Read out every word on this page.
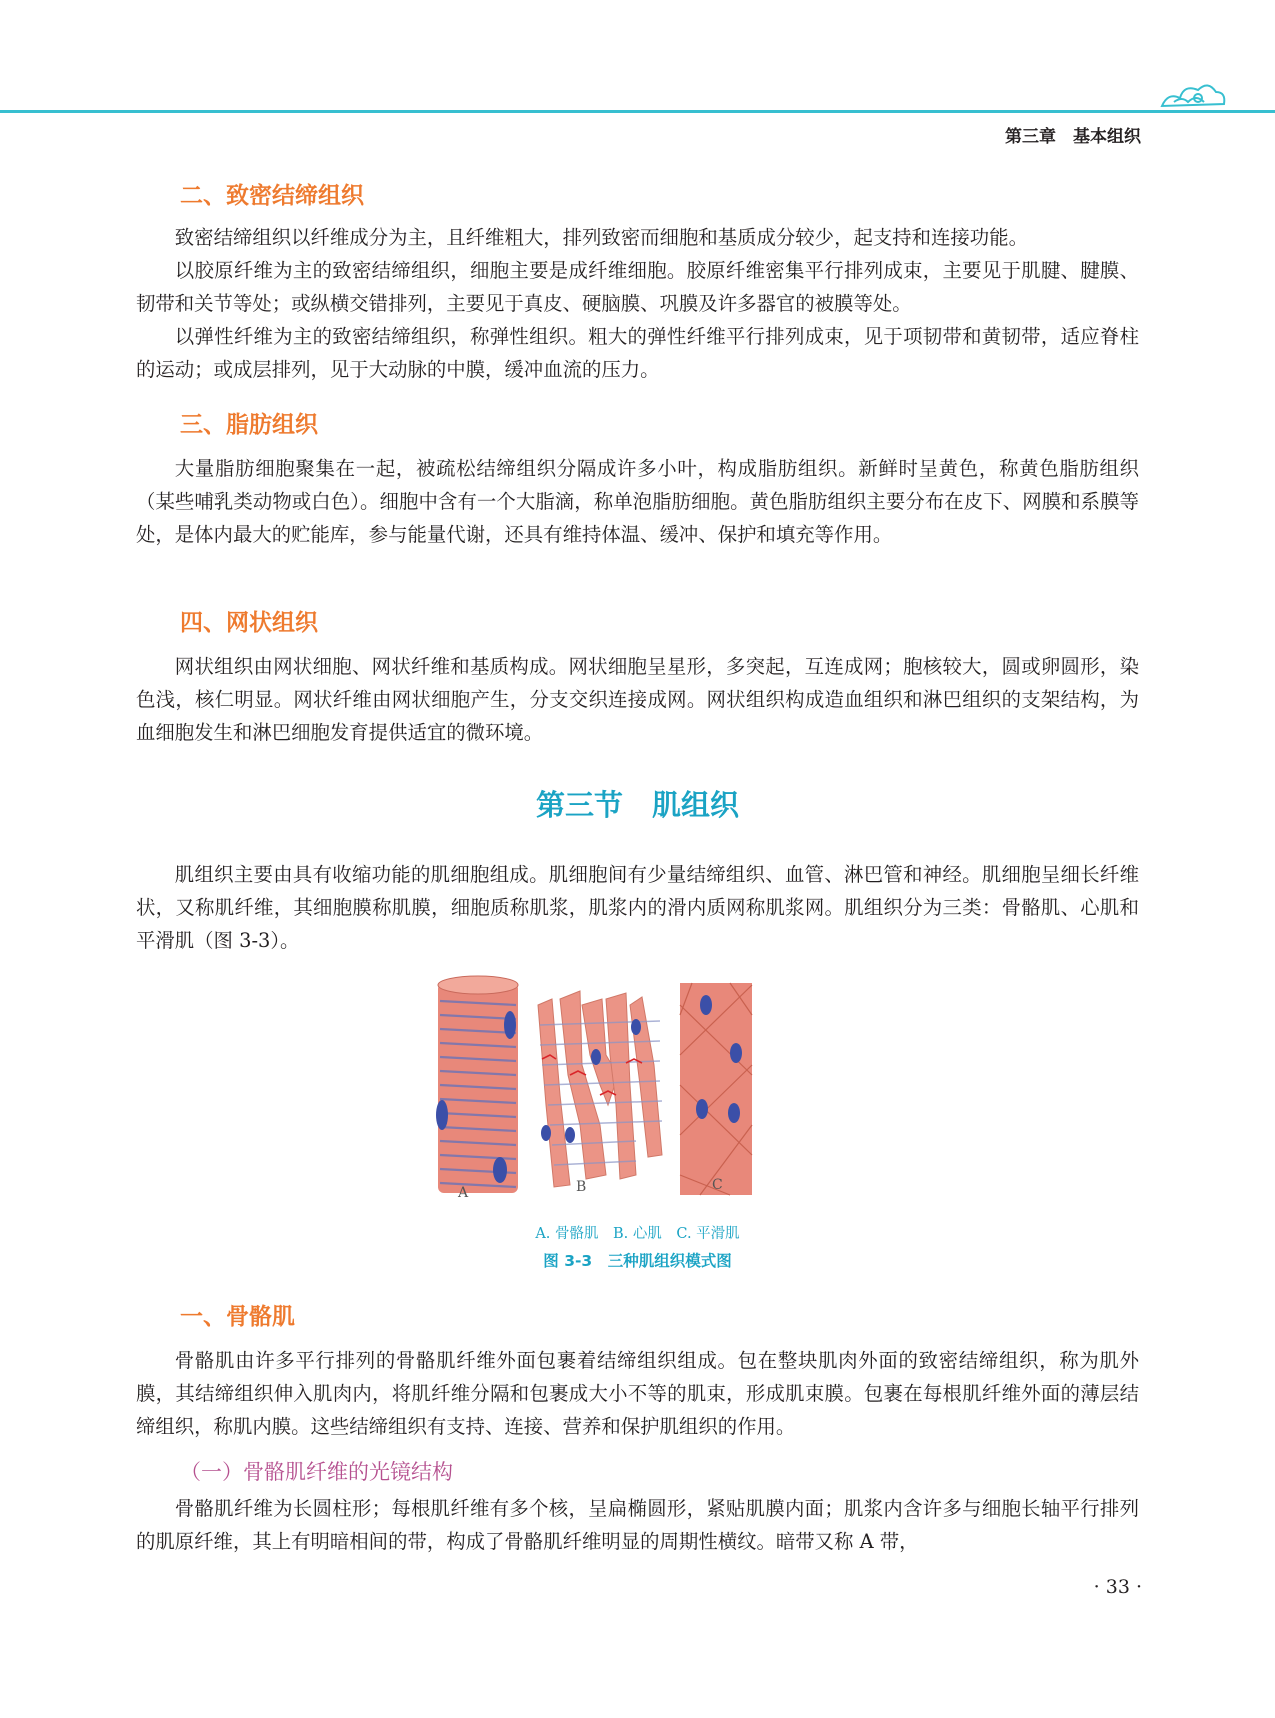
第三章　基本组织
二、致密结缔组织

致密结缔组织以纤维成分为主，且纤维粗大，排列致密而细胞和基质成分较少，起支持和连接功能。

以胶原纤维为主的致密结缔组织，细胞主要是成纤维细胞。胶原纤维密集平行排列成束，主要见于肌腱、腱膜、韧带和关节等处；或纵横交错排列，主要见于真皮、硬脑膜、巩膜及许多器官的被膜等处。

以弹性纤维为主的致密结缔组织，称弹性组织。粗大的弹性纤维平行排列成束，见于项韧带和黄韧带，适应脊柱的运动；或成层排列，见于大动脉的中膜，缓冲血流的压力。

三、脂肪组织

大量脂肪细胞聚集在一起，被疏松结缔组织分隔成许多小叶，构成脂肪组织。新鲜时呈黄色，称黄色脂肪组织（某些哺乳类动物或白色）。细胞中含有一个大脂滴，称单泡脂肪细胞。黄色脂肪组织主要分布在皮下、网膜和系膜等处，是体内最大的贮能库，参与能量代谢，还具有维持体温、缓冲、保护和填充等作用。

四、网状组织

网状组织由网状细胞、网状纤维和基质构成。网状细胞呈星形，多突起，互连成网；胞核较大，圆或卵圆形，染色浅，核仁明显。网状纤维由网状细胞产生，分支交织连接成网。网状组织构成造血组织和淋巴组织的支架结构，为血细胞发生和淋巴细胞发育提供适宜的微环境。

第三节　肌组织

肌组织主要由具有收缩功能的肌细胞组成。肌细胞间有少量结缔组织、血管、淋巴管和神经。肌细胞呈细长纤维状，又称肌纤维，其细胞膜称肌膜，细胞质称肌浆，肌浆内的滑内质网称肌浆网。肌组织分为三类：骨骼肌、心肌和平滑肌（图 3-3）。

A	B	C
A. 骨骼肌　B. 心肌　C. 平滑肌
图 3-3　三种肌组织模式图
一、骨骼肌

骨骼肌由许多平行排列的骨骼肌纤维外面包裹着结缔组织组成。包在整块肌肉外面的致密结缔组织，称为肌外膜，其结缔组织伸入肌肉内，将肌纤维分隔和包裹成大小不等的肌束，形成肌束膜。包裹在每根肌纤维外面的薄层结缔组织，称肌内膜。这些结缔组织有支持、连接、营养和保护肌组织的作用。

（一）骨骼肌纤维的光镜结构

骨骼肌纤维为长圆柱形；每根肌纤维有多个核，呈扁椭圆形，紧贴肌膜内面；肌浆内含许多与细胞长轴平行排列的肌原纤维，其上有明暗相间的带，构成了骨骼肌纤维明显的周期性横纹。暗带又称 A 带，

· 33 ·
